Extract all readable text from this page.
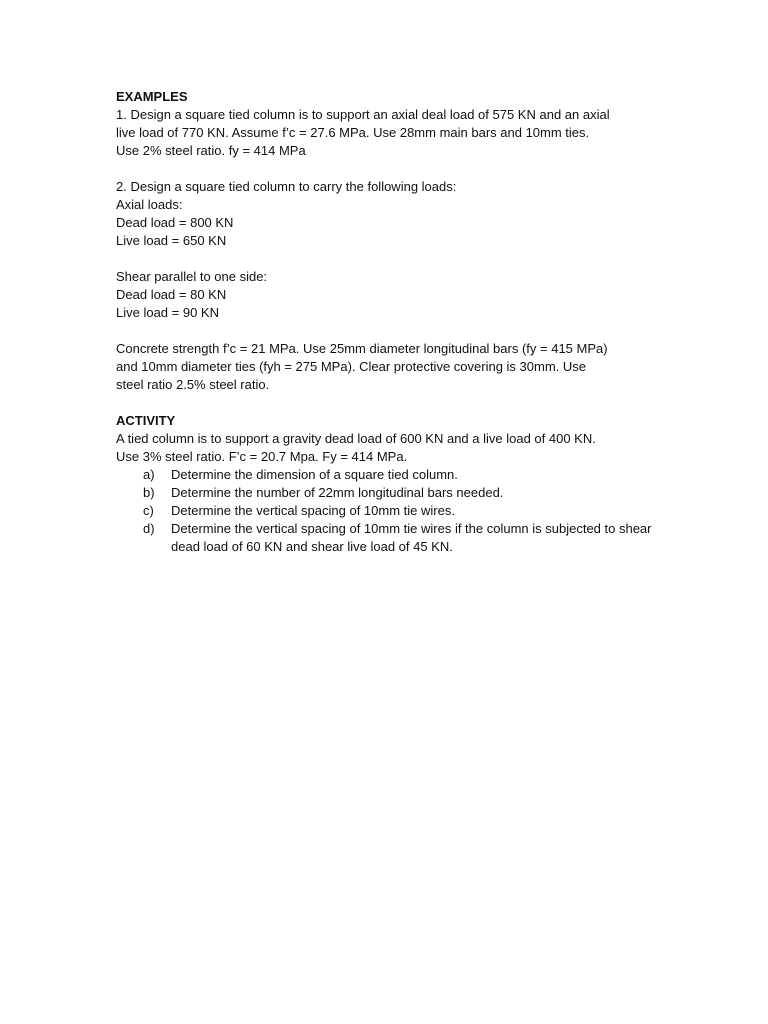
EXAMPLES

1. Design a square tied column is to support an axial deal load of 575 KN and an axial

live load of 770 KN. Assume f’c = 27.6 MPa. Use 28mm main bars and 10mm ties.

Use 2% steel ratio. fy = 414 MPa

2. Design a square tied column to carry the following loads:

Axial loads:

Dead load = 800 KN

Live load = 650 KN

Shear parallel to one side:

Dead load = 80 KN

Live load = 90 KN

Concrete strength f’c = 21 MPa. Use 25mm diameter longitudinal bars (fy = 415 MPa)

and 10mm diameter ties (fyh = 275 MPa). Clear protective covering is 30mm. Use

steel ratio 2.5% steel ratio.

ACTIVITY

A tied column is to support a gravity dead load of 600 KN and a live load of 400 KN.

Use 3% steel ratio. F’c = 20.7 Mpa. Fy = 414 MPa.

a)	Determine the dimension of a square tied column.
b)	Determine the number of 22mm longitudinal bars needed.
c)	Determine the vertical spacing of 10mm tie wires.
d)	Determine the vertical spacing of 10mm tie wires if the column is subjected to shear dead load of 60 KN and shear live load of 45 KN.
